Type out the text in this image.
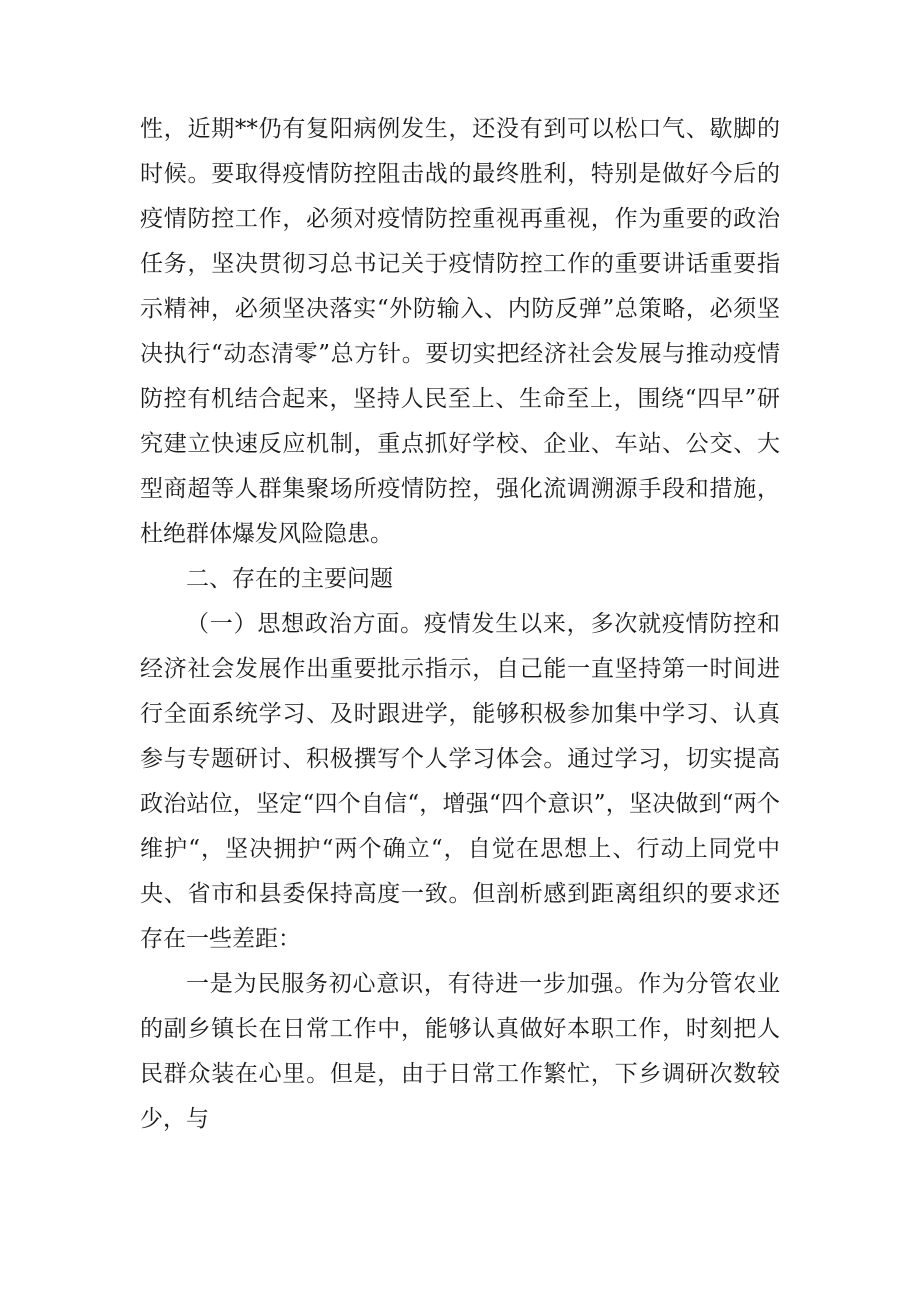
性，近期**仍有复阳病例发生，还没有到可以松口气、歇脚的时候。要取得疫情防控阻击战的最终胜利，特别是做好今后的疫情防控工作，必须对疫情防控重视再重视，作为重要的政治任务，坚决贯彻习总书记关于疫情防控工作的重要讲话重要指示精神，必须坚决落实“外防输入、内防反弹”总策略，必须坚决执行“动态清零”总方针。要切实把经济社会发展与推动疫情防控有机结合起来，坚持人民至上、生命至上，围绕“四早”研究建立快速反应机制，重点抓好学校、企业、车站、公交、大型商超等人群集聚场所疫情防控，强化流调溯源手段和措施，杜绝群体爆发风险隐患。

二、存在的主要问题

（一）思想政治方面。疫情发生以来，多次就疫情防控和经济社会发展作出重要批示指示，自己能一直坚持第一时间进行全面系统学习、及时跟进学，能够积极参加集中学习、认真参与专题研讨、积极撰写个人学习体会。通过学习，切实提高政治站位，坚定“四个自信“，增强“四个意识”，坚决做到“两个维护“，坚决拥护“两个确立“，自觉在思想上、行动上同党中央、省市和县委保持高度一致。但剖析感到距离组织的要求还存在一些差距：

一是为民服务初心意识，有待进一步加强。作为分管农业的副乡镇长在日常工作中，能够认真做好本职工作，时刻把人民群众装在心里。但是，由于日常工作繁忙，下乡调研次数较少，与
